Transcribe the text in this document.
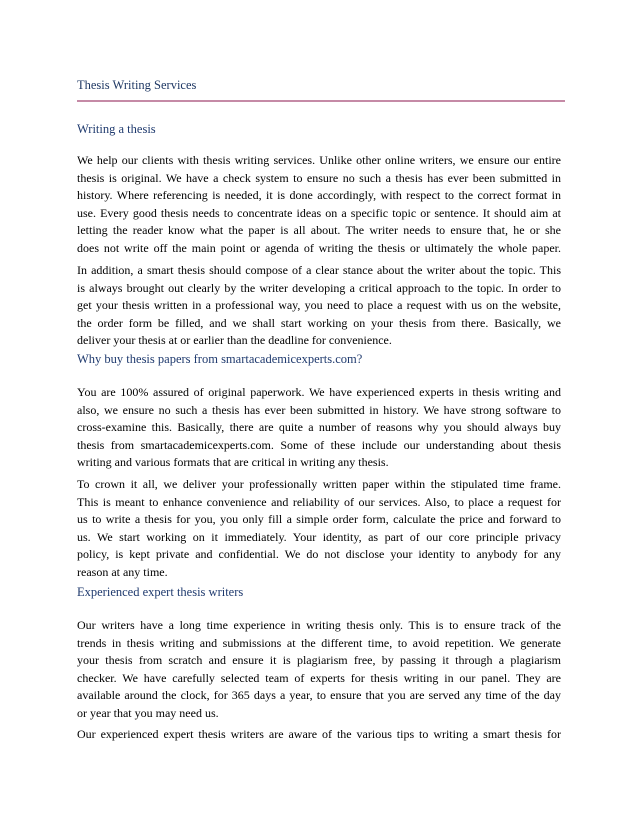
Thesis Writing Services
Writing a thesis
We help our clients with thesis writing services. Unlike other online writers, we ensure our entire
thesis is original. We have a check system to ensure no such a thesis has ever been submitted in
history. Where referencing is needed, it is done accordingly, with respect to the correct format in
use. Every good thesis needs to concentrate ideas on a specific topic or sentence. It should aim at
letting the reader know what the paper is all about. The writer needs to ensure that, he or she
does not write off the main point or agenda of writing the thesis or ultimately the whole paper.
In addition, a smart thesis should compose of a clear stance about the writer about the topic. This
is always brought out clearly by the writer developing a critical approach to the topic. In order to
get your thesis written in a professional way, you need to place a request with us on the website,
the order form be filled, and we shall start working on your thesis from there. Basically, we
deliver your thesis at or earlier than the deadline for convenience.
Why buy thesis papers from smartacademicexperts.com?
You are 100% assured of original paperwork. We have experienced experts in thesis writing and
also, we ensure no such a thesis has ever been submitted in history. We have strong software to
cross-examine this. Basically, there are quite a number of reasons why you should always buy
thesis from smartacademicexperts.com. Some of these include our understanding about thesis
writing and various formats that are critical in writing any thesis.
To crown it all, we deliver your professionally written paper within the stipulated time frame.
This is meant to enhance convenience and reliability of our services. Also, to place a request for
us to write a thesis for you, you only fill a simple order form, calculate the price and forward to
us. We start working on it immediately. Your identity, as part of our core principle privacy
policy, is kept private and confidential. We do not disclose your identity to anybody for any
reason at any time.
Experienced expert thesis writers
Our writers have a long time experience in writing thesis only. This is to ensure track of the
trends in thesis writing and submissions at the different time, to avoid repetition. We generate
your thesis from scratch and ensure it is plagiarism free, by passing it through a plagiarism
checker. We have carefully selected team of experts for thesis writing in our panel. They are
available around the clock, for 365 days a year, to ensure that you are served any time of the day
or year that you may need us.
Our experienced expert thesis writers are aware of the various tips to writing a smart thesis for
